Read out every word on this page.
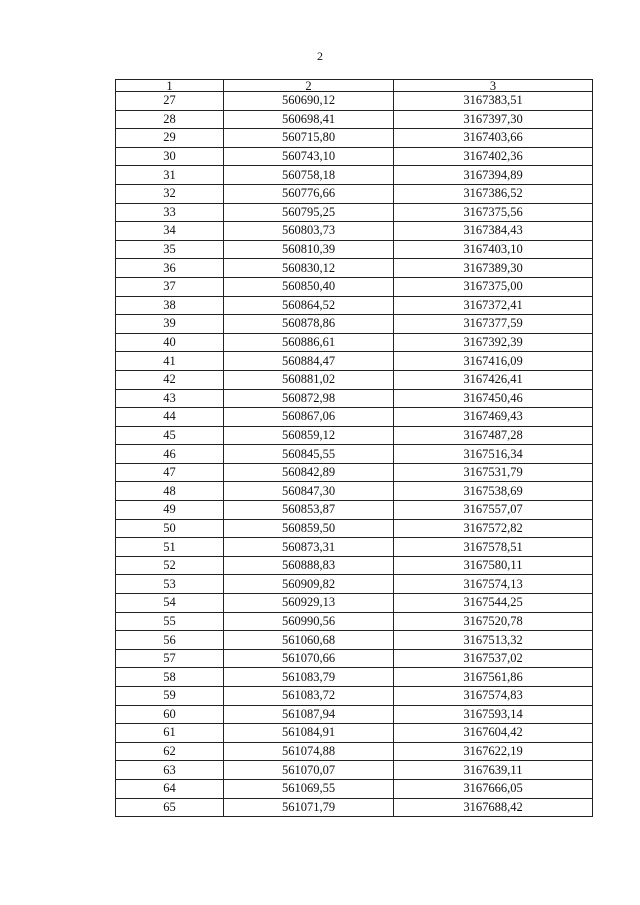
2
1	2	3
27	560690,12	3167383,51
28	560698,41	3167397,30
29	560715,80	3167403,66
30	560743,10	3167402,36
31	560758,18	3167394,89
32	560776,66	3167386,52
33	560795,25	3167375,56
34	560803,73	3167384,43
35	560810,39	3167403,10
36	560830,12	3167389,30
37	560850,40	3167375,00
38	560864,52	3167372,41
39	560878,86	3167377,59
40	560886,61	3167392,39
41	560884,47	3167416,09
42	560881,02	3167426,41
43	560872,98	3167450,46
44	560867,06	3167469,43
45	560859,12	3167487,28
46	560845,55	3167516,34
47	560842,89	3167531,79
48	560847,30	3167538,69
49	560853,87	3167557,07
50	560859,50	3167572,82
51	560873,31	3167578,51
52	560888,83	3167580,11
53	560909,82	3167574,13
54	560929,13	3167544,25
55	560990,56	3167520,78
56	561060,68	3167513,32
57	561070,66	3167537,02
58	561083,79	3167561,86
59	561083,72	3167574,83
60	561087,94	3167593,14
61	561084,91	3167604,42
62	561074,88	3167622,19
63	561070,07	3167639,11
64	561069,55	3167666,05
65	561071,79	3167688,42
